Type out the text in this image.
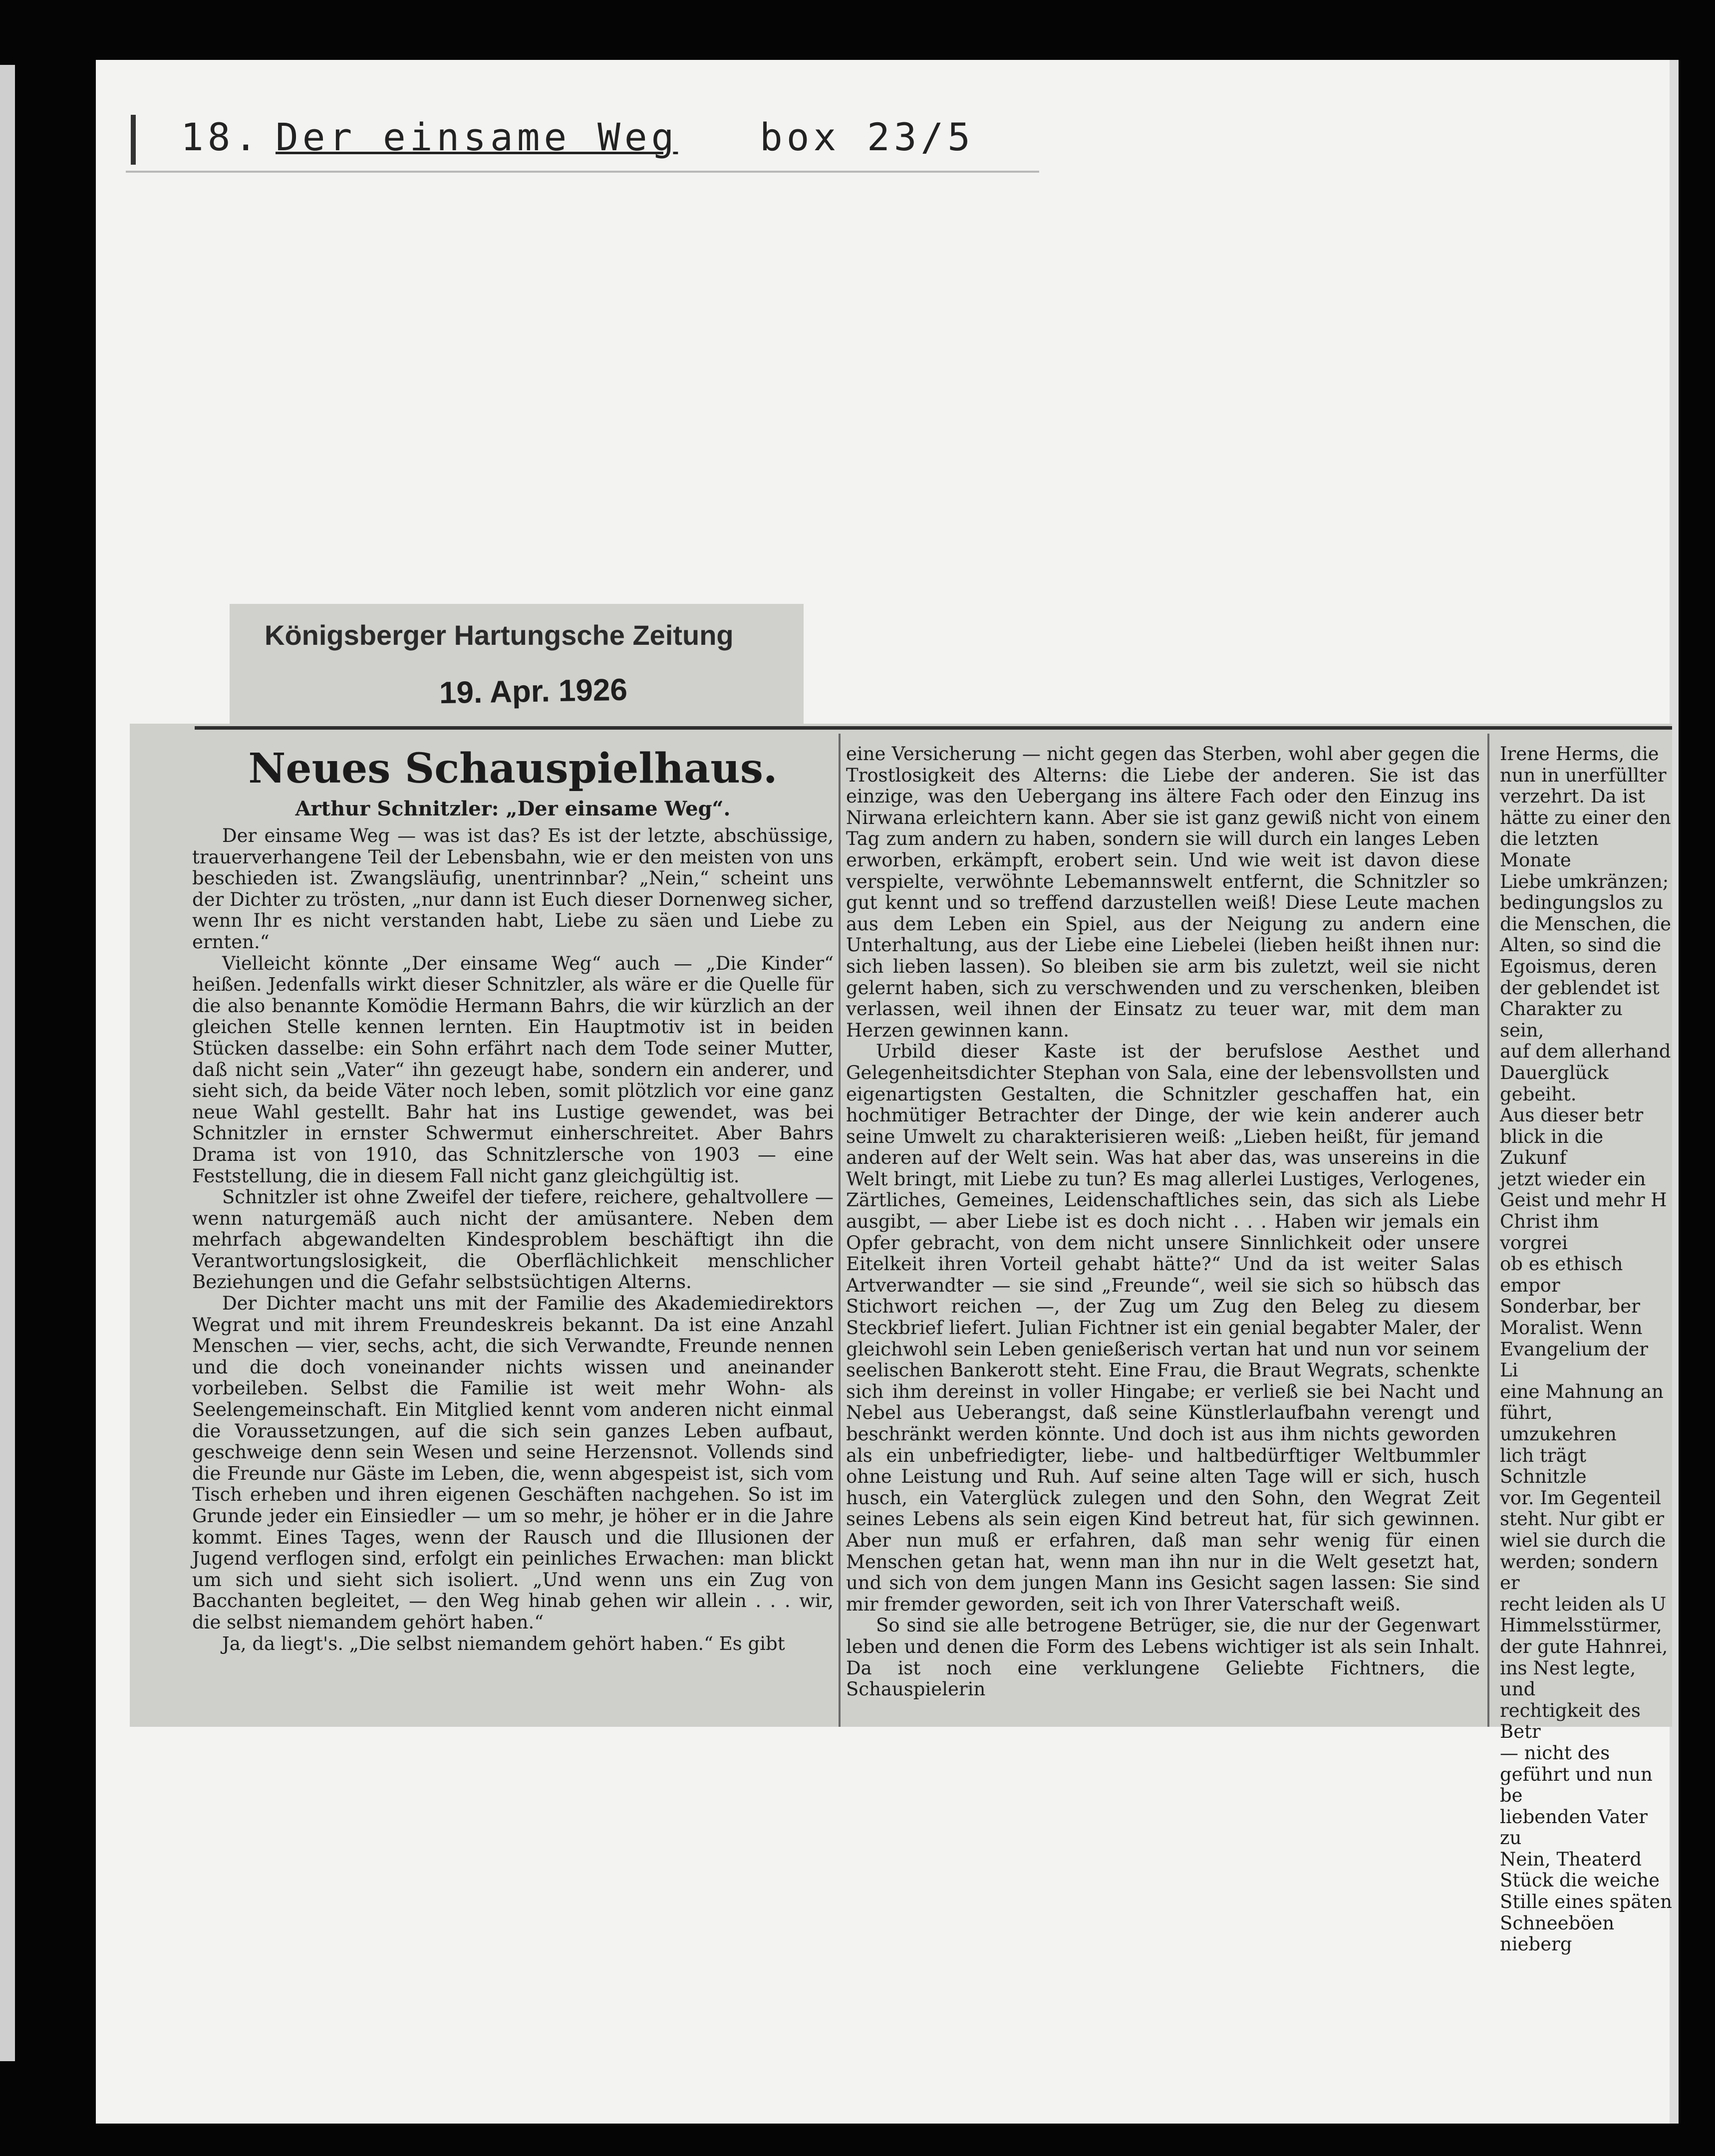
18. Der einsame Weg box 23/5
Königsberger Hartungsche Zeitung
19. Apr. 1926
Neues Schauspielhaus.
Arthur Schnitzler: „Der einsame Weg“.

Der einsame Weg — was ist das? Es ist der letzte, abschüssige, trauerverhangene Teil der Lebensbahn, wie er den meisten von uns beschieden ist. Zwangsläufig, unentrinnbar? „Nein,“ scheint uns der Dichter zu trösten, „nur dann ist Euch dieser Dornenweg sicher, wenn Ihr es nicht verstanden habt, Liebe zu säen und Liebe zu ernten.“

Vielleicht könnte „Der einsame Weg“ auch — „Die Kinder“ heißen. Jedenfalls wirkt dieser Schnitzler, als wäre er die Quelle für die also benannte Komödie Hermann Bahrs, die wir kürzlich an der gleichen Stelle kennen lernten. Ein Hauptmotiv ist in beiden Stücken dasselbe: ein Sohn erfährt nach dem Tode seiner Mutter, daß nicht sein „Vater“ ihn gezeugt habe, sondern ein anderer, und sieht sich, da beide Väter noch leben, somit plötzlich vor eine ganz neue Wahl gestellt. Bahr hat ins Lustige gewendet, was bei Schnitzler in ernster Schwermut einherschreitet. Aber Bahrs Drama ist von 1910, das Schnitzlersche von 1903 — eine Feststellung, die in diesem Fall nicht ganz gleichgültig ist.

Schnitzler ist ohne Zweifel der tiefere, reichere, gehaltvollere — wenn naturgemäß auch nicht der amüsantere. Neben dem mehrfach abgewandelten Kindesproblem beschäftigt ihn die Verantwortungslosigkeit, die Oberflächlichkeit menschlicher Beziehungen und die Gefahr selbstsüchtigen Alterns.

Der Dichter macht uns mit der Familie des Akademiedirektors Wegrat und mit ihrem Freundeskreis bekannt. Da ist eine Anzahl Menschen — vier, sechs, acht, die sich Verwandte, Freunde nennen und die doch voneinander nichts wissen und aneinander vorbeileben. Selbst die Familie ist weit mehr Wohn- als Seelengemeinschaft. Ein Mitglied kennt vom anderen nicht einmal die Voraussetzungen, auf die sich sein ganzes Leben aufbaut, geschweige denn sein Wesen und seine Herzensnot. Vollends sind die Freunde nur Gäste im Leben, die, wenn abgespeist ist, sich vom Tisch erheben und ihren eigenen Geschäften nachgehen. So ist im Grunde jeder ein Einsiedler — um so mehr, je höher er in die Jahre kommt. Eines Tages, wenn der Rausch und die Illusionen der Jugend verflogen sind, erfolgt ein peinliches Erwachen: man blickt um sich und sieht sich isoliert. „Und wenn uns ein Zug von Bacchanten begleitet, — den Weg hinab gehen wir allein . . . wir, die selbst niemandem gehört haben.“

Ja, da liegt's. „Die selbst niemandem gehört haben.“ Es gibt

eine Versicherung — nicht gegen das Sterben, wohl aber gegen die Trostlosigkeit des Alterns: die Liebe der anderen. Sie ist das einzige, was den Uebergang ins ältere Fach oder den Einzug ins Nirwana erleichtern kann. Aber sie ist ganz gewiß nicht von einem Tag zum andern zu haben, sondern sie will durch ein langes Leben erworben, erkämpft, erobert sein. Und wie weit ist davon diese verspielte, verwöhnte Lebemannswelt entfernt, die Schnitzler so gut kennt und so treffend darzustellen weiß! Diese Leute machen aus dem Leben ein Spiel, aus der Neigung zu andern eine Unterhaltung, aus der Liebe eine Liebelei (lieben heißt ihnen nur: sich lieben lassen). So bleiben sie arm bis zuletzt, weil sie nicht gelernt haben, sich zu verschwenden und zu verschenken, bleiben verlassen, weil ihnen der Einsatz zu teuer war, mit dem man Herzen gewinnen kann.

Urbild dieser Kaste ist der berufslose Aesthet und Gelegenheitsdichter Stephan von Sala, eine der lebensvollsten und eigenartigsten Gestalten, die Schnitzler geschaffen hat, ein hochmütiger Betrachter der Dinge, der wie kein anderer auch seine Umwelt zu charakterisieren weiß: „Lieben heißt, für jemand anderen auf der Welt sein. Was hat aber das, was unsereins in die Welt bringt, mit Liebe zu tun? Es mag allerlei Lustiges, Verlogenes, Zärtliches, Gemeines, Leidenschaftliches sein, das sich als Liebe ausgibt, — aber Liebe ist es doch nicht . . . Haben wir jemals ein Opfer gebracht, von dem nicht unsere Sinnlichkeit oder unsere Eitelkeit ihren Vorteil gehabt hätte?“ Und da ist weiter Salas Artverwandter — sie sind „Freunde“, weil sie sich so hübsch das Stichwort reichen —, der Zug um Zug den Beleg zu diesem Steckbrief liefert. Julian Fichtner ist ein genial begabter Maler, der gleichwohl sein Leben genießerisch vertan hat und nun vor seinem seelischen Bankerott steht. Eine Frau, die Braut Wegrats, schenkte sich ihm dereinst in voller Hingabe; er verließ sie bei Nacht und Nebel aus Ueberangst, daß seine Künstlerlaufbahn verengt und beschränkt werden könnte. Und doch ist aus ihm nichts geworden als ein unbefriedigter, liebe- und haltbedürftiger Weltbummler ohne Leistung und Ruh. Auf seine alten Tage will er sich, husch husch, ein Vaterglück zulegen und den Sohn, den Wegrat Zeit seines Lebens als sein eigen Kind betreut hat, für sich gewinnen. Aber nun muß er erfahren, daß man sehr wenig für einen Menschen getan hat, wenn man ihn nur in die Welt gesetzt hat, und sich von dem jungen Mann ins Gesicht sagen lassen: Sie sind mir fremder geworden, seit ich von Ihrer Vaterschaft weiß.

So sind sie alle betrogene Betrüger, sie, die nur der Gegenwart leben und denen die Form des Lebens wichtiger ist als sein Inhalt. Da ist noch eine verklungene Geliebte Fichtners, die Schauspielerin

Irene Herms, die
nun in unerfüllter
verzehrt. Da ist
hätte zu einer den
die letzten Monate
Liebe umkränzen;
bedingungslos zu
die Menschen, die
Alten, so sind die
Egoismus, deren
der geblendet ist
Charakter zu sein,
auf dem allerhand
Dauerglück gebeiht.

Aus dieser betr
blick in die Zukunf
jetzt wieder ein
Geist und mehr H
Christ ihm vorgrei
ob es ethisch empor

Sonderbar, ber
Moralist. Wenn
Evangelium der Li
eine Mahnung an
führt, umzukehren
lich trägt Schnitzle
vor. Im Gegenteil
steht. Nur gibt er
wiel sie durch die
werden; sondern er
recht leiden als U
Himmelsstürmer,
der gute Hahnrei,
ins Nest legte, und
rechtigkeit des Betr
— nicht des
geführt und nun be
liebenden Vater zu

Nein, Theaterd
Stück die weiche
Stille eines späten
Schneeböen nieberg
